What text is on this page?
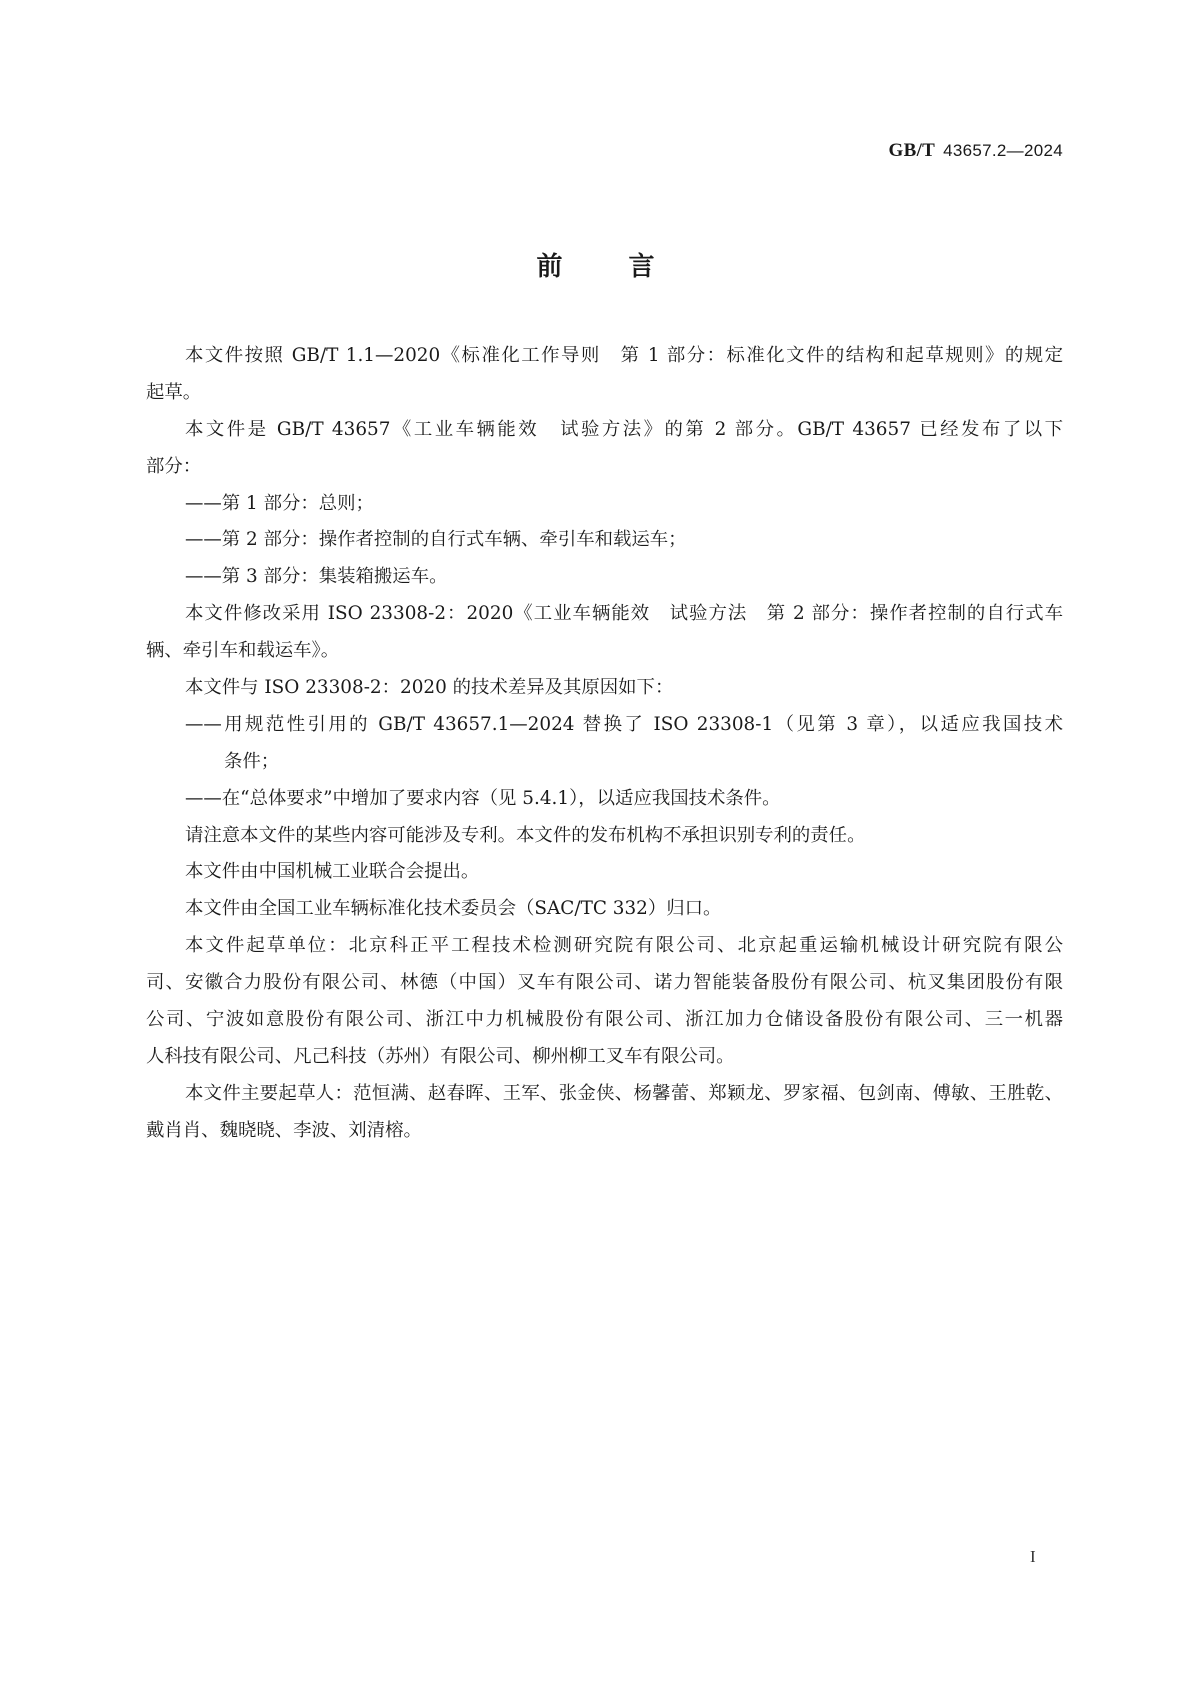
GB/T 43657.2—2024
前	言
本文件按照 GB/T 1.1—2020《标准化工作导则　第 1 部分：标准化文件的结构和起草规则》的规定
起草。
本文件是 GB/T 43657《工业车辆能效　试验方法》的第 2 部分。GB/T 43657 已经发布了以下
部分：
——第 1 部分：总则；
——第 2 部分：操作者控制的自行式车辆、牵引车和载运车；
——第 3 部分：集装箱搬运车。
本文件修改采用 ISO 23308-2：2020《工业车辆能效　试验方法　第 2 部分：操作者控制的自行式车
辆、牵引车和载运车》。
本文件与 ISO 23308-2：2020 的技术差异及其原因如下：
——用规范性引用的 GB/T 43657.1—2024 替换了 ISO 23308-1（见第 3 章），以适应我国技术
条件；
——在“总体要求”中增加了要求内容（见 5.4.1），以适应我国技术条件。
请注意本文件的某些内容可能涉及专利。本文件的发布机构不承担识别专利的责任。
本文件由中国机械工业联合会提出。
本文件由全国工业车辆标准化技术委员会（SAC/TC 332）归口。
本文件起草单位：北京科正平工程技术检测研究院有限公司、北京起重运输机械设计研究院有限公
司、安徽合力股份有限公司、林德（中国）叉车有限公司、诺力智能装备股份有限公司、杭叉集团股份有限
公司、宁波如意股份有限公司、浙江中力机械股份有限公司、浙江加力仓储设备股份有限公司、三一机器
人科技有限公司、凡己科技（苏州）有限公司、柳州柳工叉车有限公司。
本文件主要起草人：范恒满、赵春晖、王军、张金侠、杨馨蕾、郑颖龙、罗家福、包剑南、傅敏、王胜乾、
戴肖肖、魏晓晓、李波、刘清榕。
I
